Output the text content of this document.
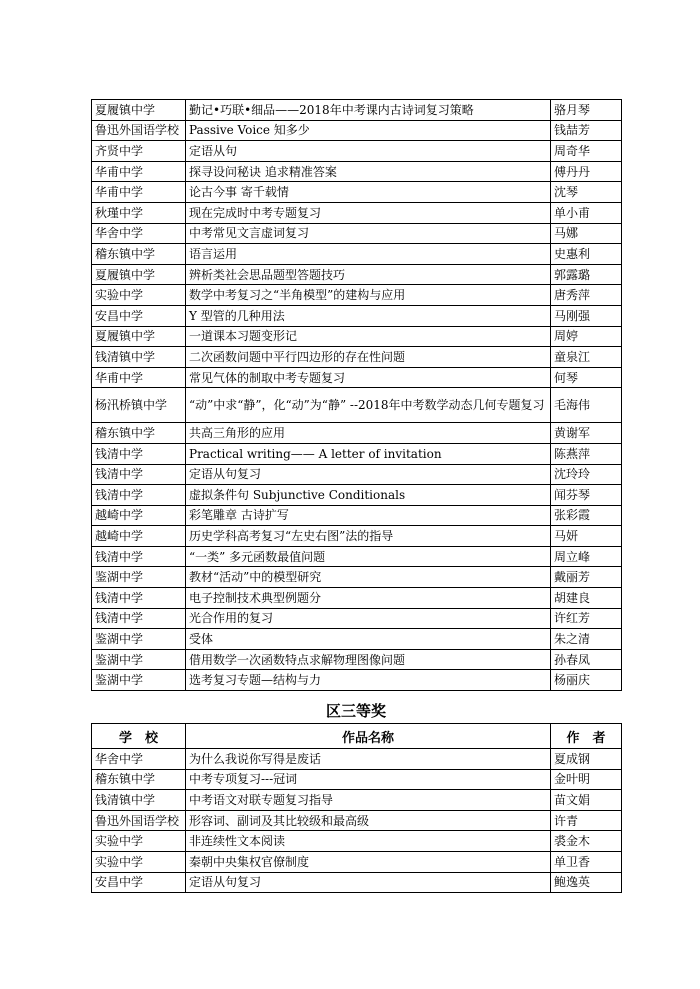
夏履镇中学	勤记•巧联•细品——2018年中考课内古诗词复习策略	骆月琴
鲁迅外国语学校	Passive Voice 知多少	钱喆芳
齐贤中学	定语从句	周奇华
华甫中学	探寻设问秘诀 追求精准答案	傅丹丹
华甫中学	论古今事 寄千载情	沈琴
秋瑾中学	现在完成时中考专题复习	单小甫
华舍中学	中考常见文言虚词复习	马娜
稽东镇中学	语言运用	史惠利
夏履镇中学	辨析类社会思品题型答题技巧	郭露璐
实验中学	数学中考复习之“半角模型”的建构与应用	唐秀萍
安昌中学	Y 型管的几种用法	马刚强
夏履镇中学	一道课本习题变形记	周婷
钱清镇中学	二次函数问题中平行四边形的存在性问题	童泉江
华甫中学	常见气体的制取中考专题复习	何琴
杨汛桥镇中学	“动”中求“静”，化“动”为“静” --2018年中考数学动态几何专题复习	毛海伟
稽东镇中学	共高三角形的应用	黄谢军
钱清中学	Practical writing—— A letter of invitation	陈燕萍
钱清中学	定语从句复习	沈玲玲
钱清中学	虚拟条件句 Subjunctive Conditionals	闻芬琴
越崎中学	彩笔雕章 古诗扩写	张彩霞
越崎中学	历史学科高考复习“左史右图”法的指导	马妍
钱清中学	“一类” 多元函数最值问题	周立峰
鉴湖中学	教材“活动”中的模型研究	戴丽芳
钱清中学	电子控制技术典型例题分	胡建良
钱清中学	光合作用的复习	许红芳
鉴湖中学	受体	朱之清
鉴湖中学	借用数学一次函数特点求解物理图像问题	孙春凤
鉴湖中学	选考复习专题—结构与力	杨丽庆
区三等奖
学　校	作品名称	作　者
华舍中学	为什么我说你写得是废话	夏成钢
稽东镇中学	中考专项复习---冠词	金叶明
钱清镇中学	中考语文对联专题复习指导	苗文娟
鲁迅外国语学校	形容词、副词及其比较级和最高级	许青
实验中学	非连续性文本阅读	裘金木
实验中学	秦朝中央集权官僚制度	单卫香
安昌中学	定语从句复习	鲍逸英
